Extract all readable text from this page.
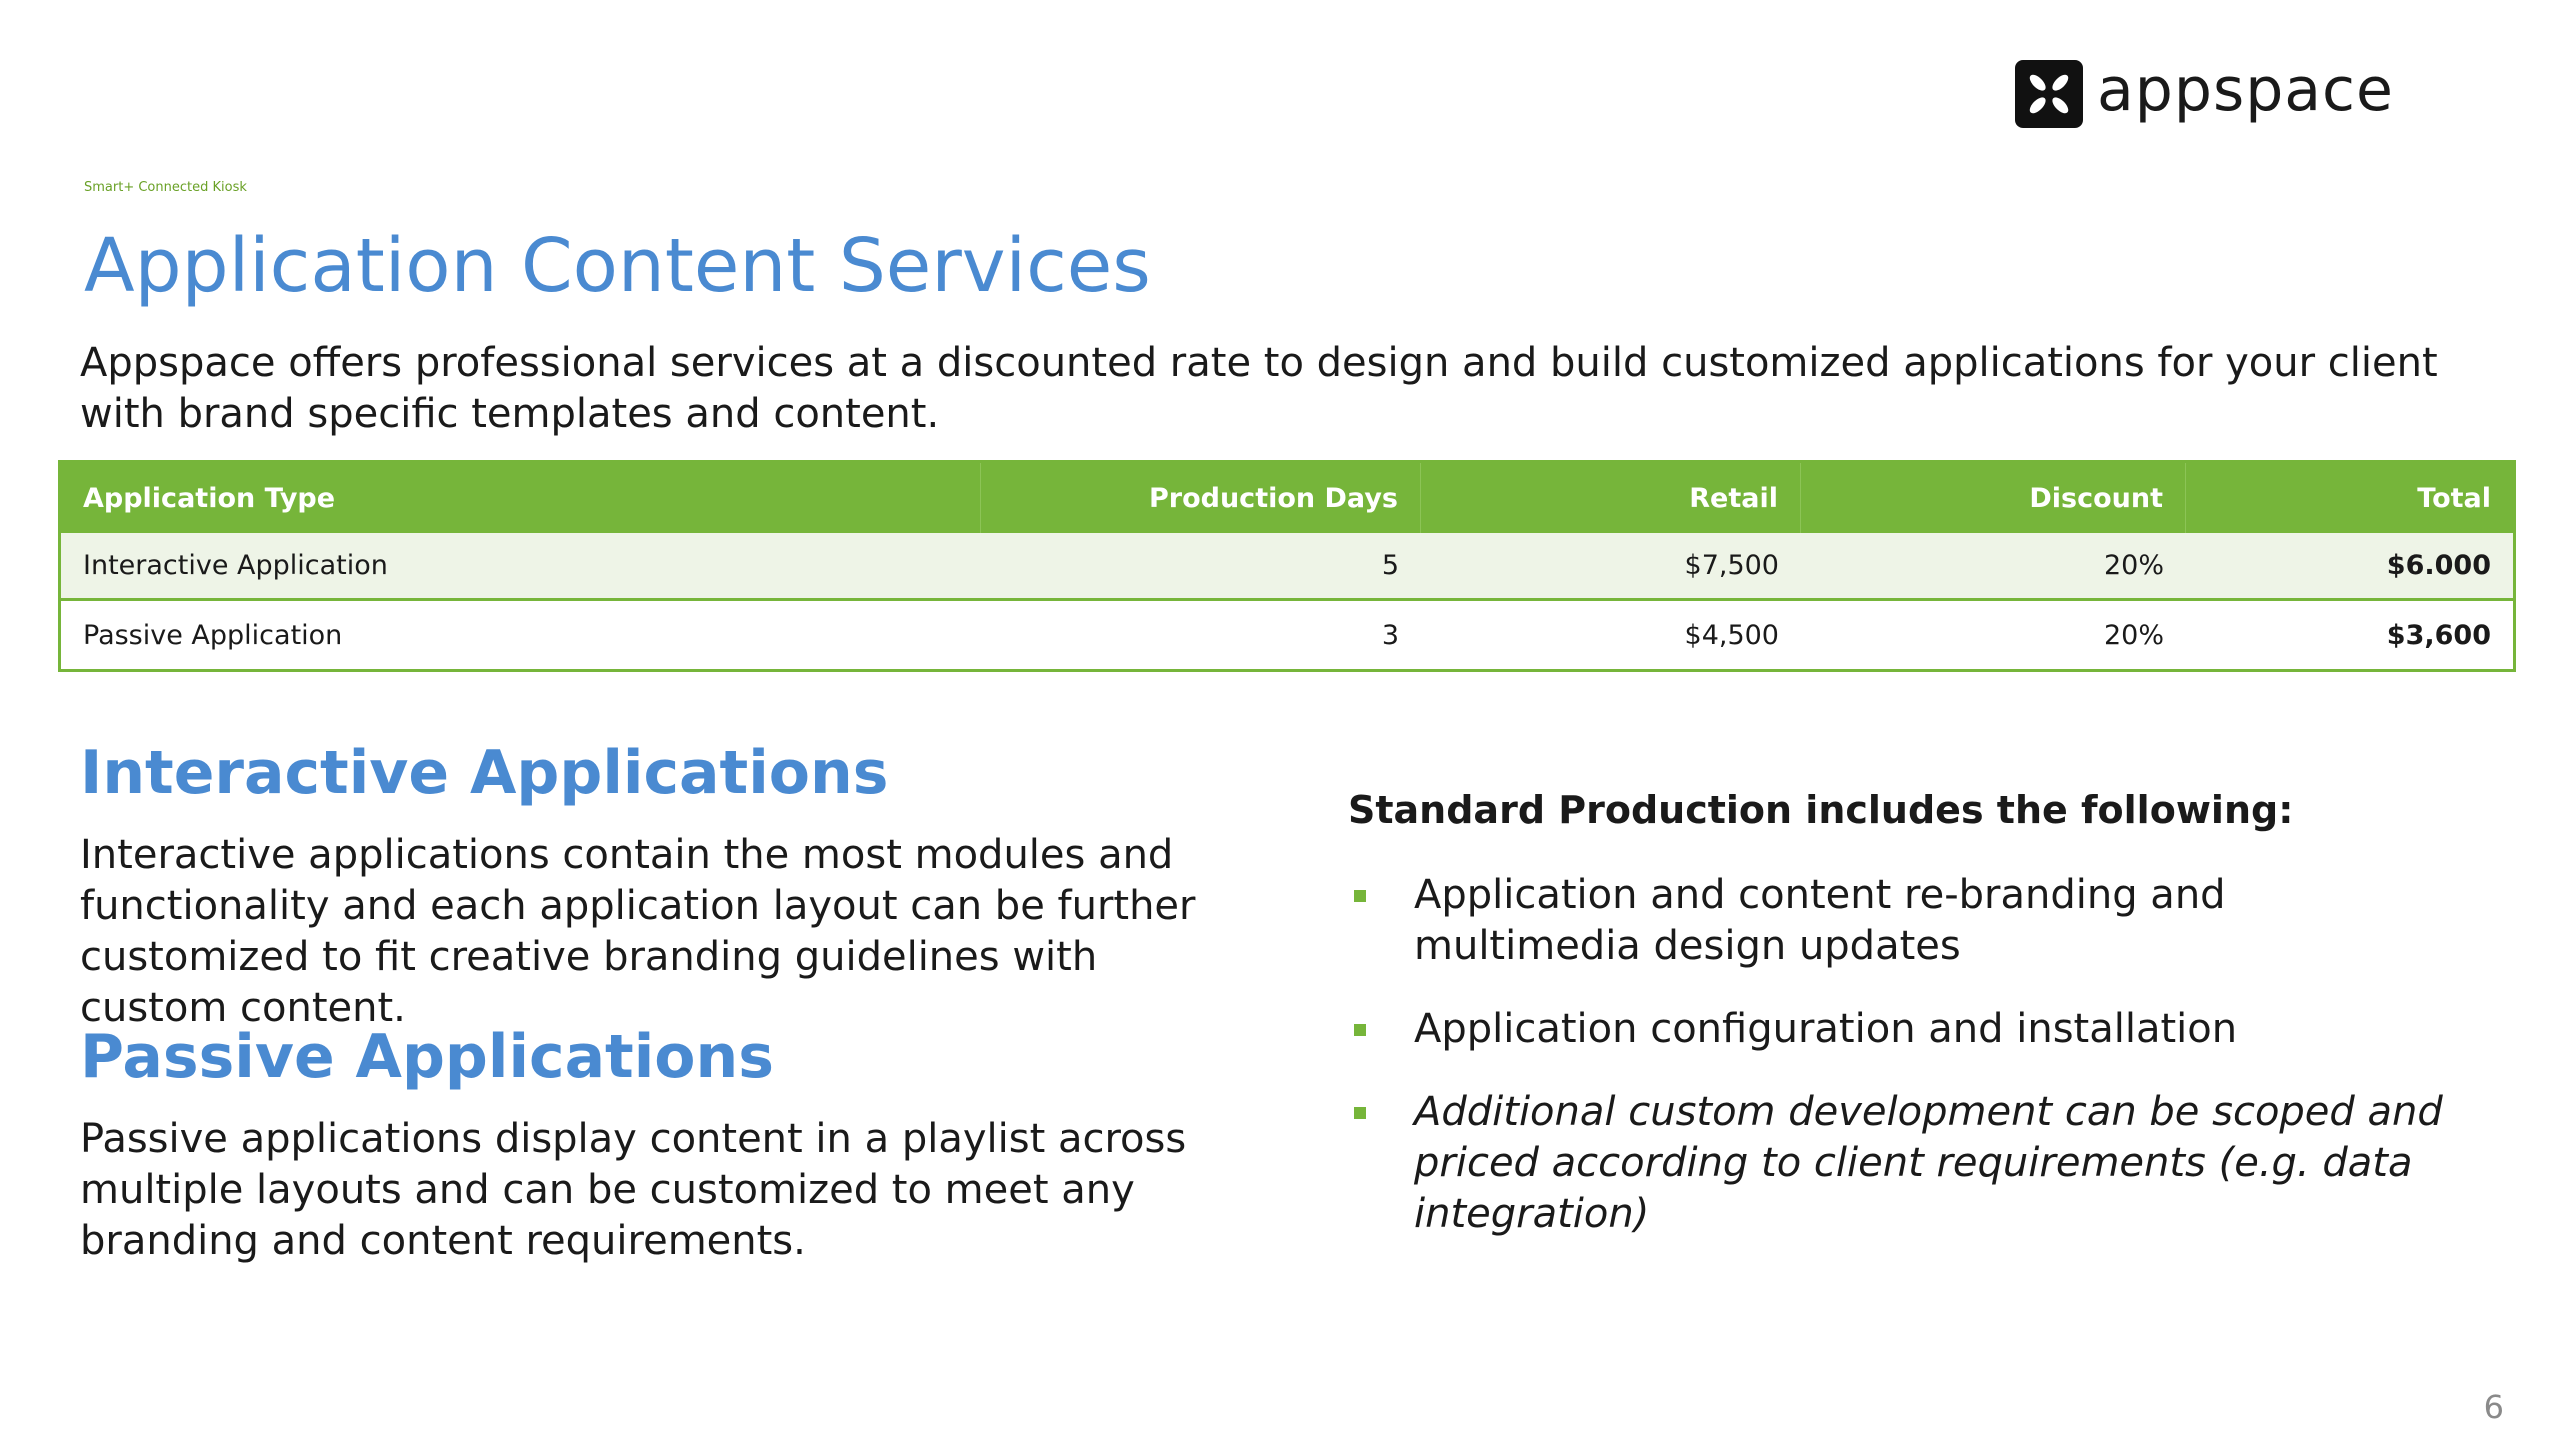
appspace
Smart+ Connected Kiosk
Application Content Services
Appspace offers professional services at a discounted rate to design and build customized applications for your client with brand specific templates and content.
Application Type	Production Days	Retail	Discount	Total
Interactive Application	5	$7,500	20%	$6.000
Passive Application	3	$4,500	20%	$3,600
Interactive Applications
Interactive applications contain the most modules and functionality and each application layout can be further customized to fit creative branding guidelines with custom content.
Passive Applications
Passive applications display content in a playlist across multiple layouts and can be customized to meet any branding and content requirements.
Standard Production includes the following:
Application and content re-branding and multimedia design updates
Application configuration and installation
Additional custom development can be scoped and priced according to client requirements (e.g. data integration)
6
